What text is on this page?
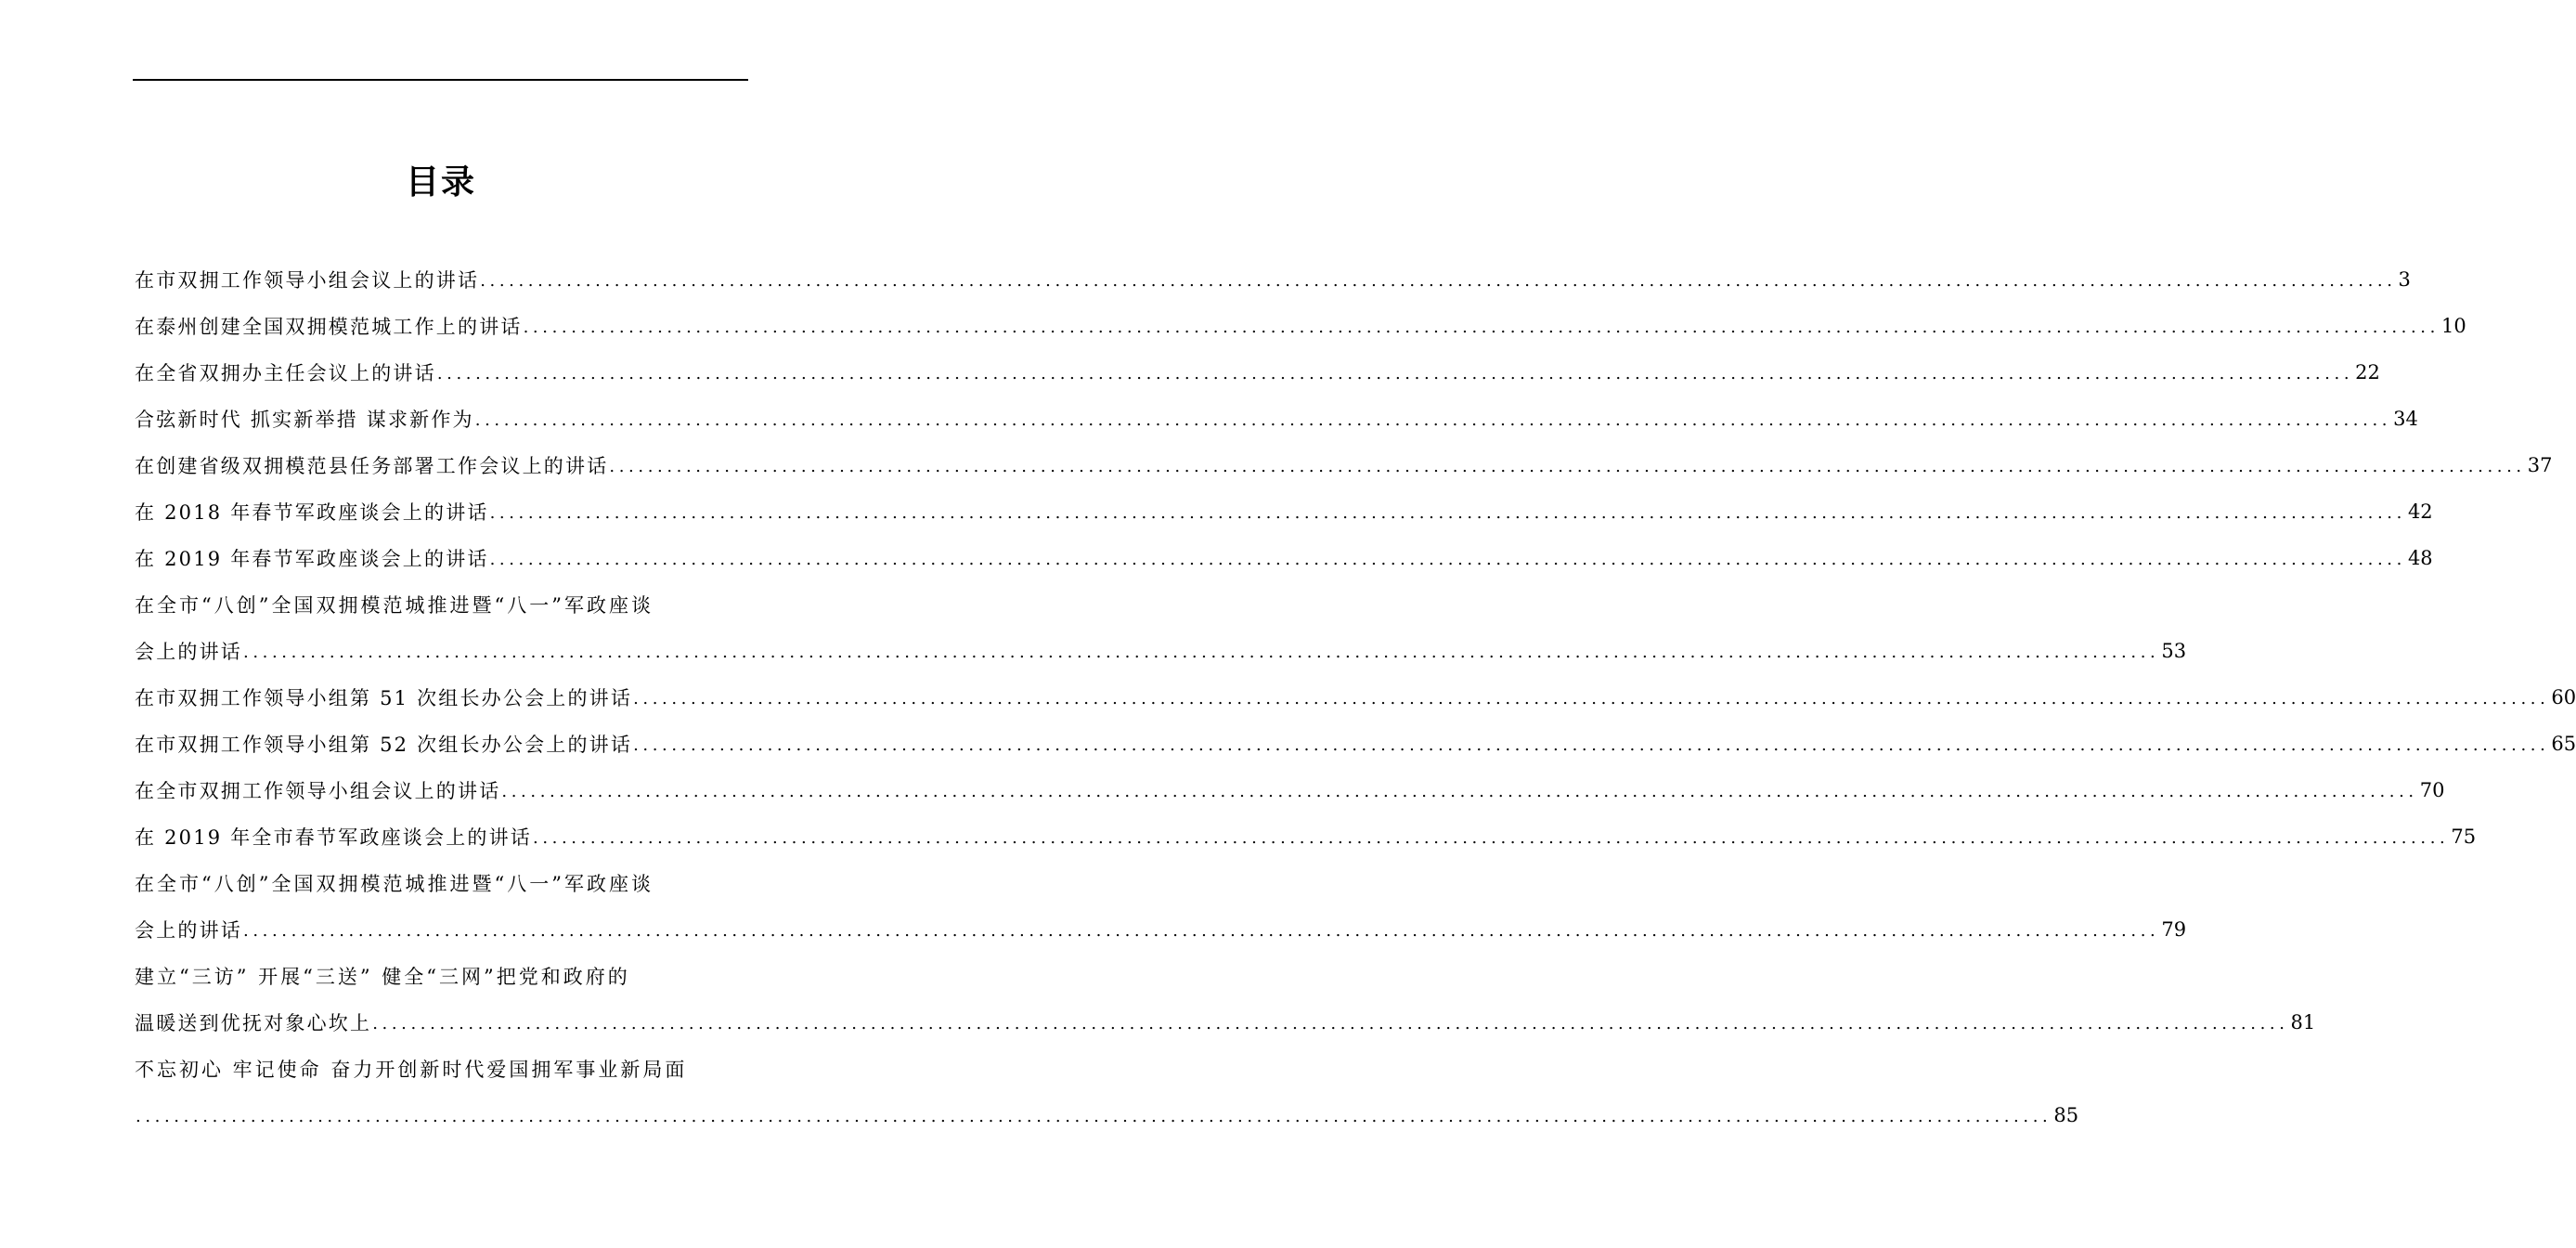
目录
在市双拥工作领导小组会议上的讲话 ........................................................................................................................................................................................................ 3
在泰州创建全国双拥模范城工作上的讲话 ........................................................................................................................................................................................................ 10
在全省双拥办主任会议上的讲话 ........................................................................................................................................................................................................ 22
合弦新时代 抓实新举措 谋求新作为 ........................................................................................................................................................................................................ 34
在创建省级双拥模范县任务部署工作会议上的讲话 ........................................................................................................................................................................................................ 37
在 2018 年春节军政座谈会上的讲话 ........................................................................................................................................................................................................ 42
在 2019 年春节军政座谈会上的讲话 ........................................................................................................................................................................................................ 48
在全市“八创”全国双拥模范城推进暨“八一”军政座谈
会上的讲话 ........................................................................................................................................................................................................ 53
在市双拥工作领导小组第 51 次组长办公会上的讲话 ........................................................................................................................................................................................................ 60
在市双拥工作领导小组第 52 次组长办公会上的讲话 ........................................................................................................................................................................................................ 65
在全市双拥工作领导小组会议上的讲话 ........................................................................................................................................................................................................ 70
在 2019 年全市春节军政座谈会上的讲话 ........................................................................................................................................................................................................ 75
在全市“八创”全国双拥模范城推进暨“八一”军政座谈
会上的讲话 ........................................................................................................................................................................................................ 79
建立“三访” 开展“三送” 健全“三网”把党和政府的
温暖送到优抚对象心坎上 ........................................................................................................................................................................................................ 81
不忘初心 牢记使命 奋力开创新时代爱国拥军事业新局面
........................................................................................................................................................................................................ 85
